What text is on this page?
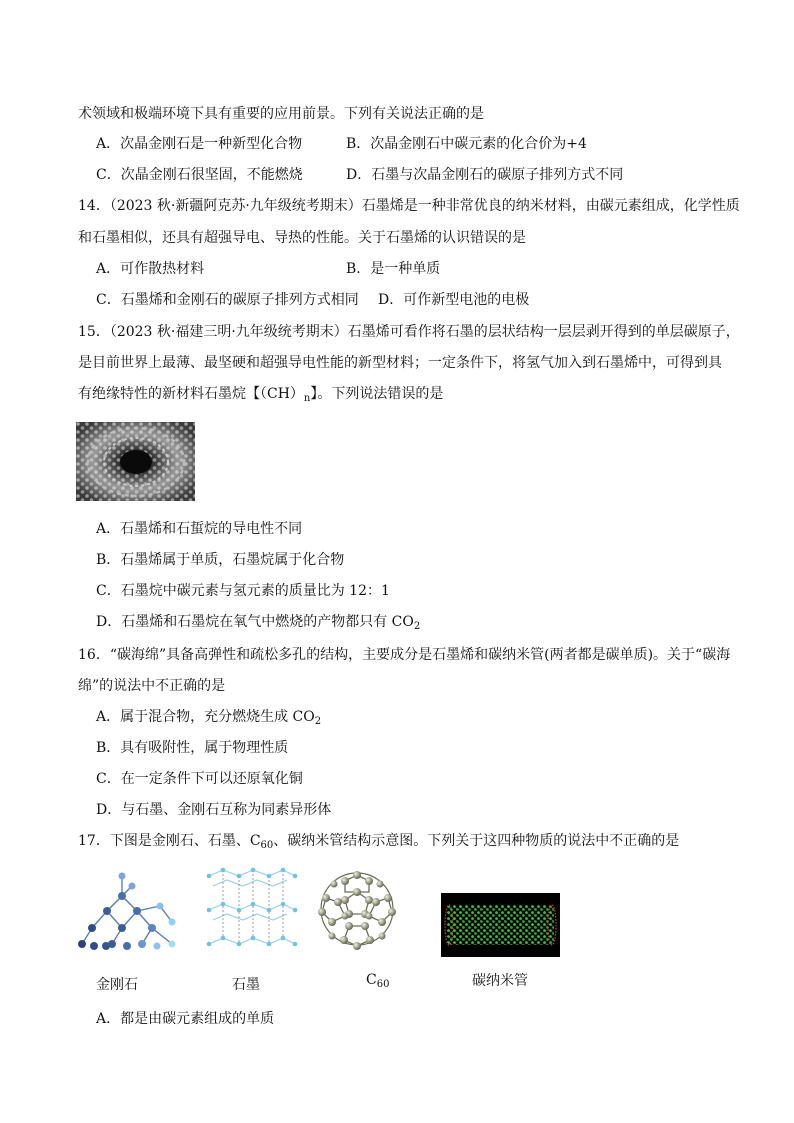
术领域和极端环境下具有重要的应用前景。下列有关说法正确的是
A．次晶金刚石是一种新型化合物	B．次晶金刚石中碳元素的化合价为+4
C．次晶金刚石很坚固，不能燃烧	D．石墨与次晶金刚石的碳原子排列方式不同
14．（2023 秋·新疆阿克苏·九年级统考期末）石墨烯是一种非常优良的纳米材料，由碳元素组成，化学性质
和石墨相似，还具有超强导电、导热的性能。关于石墨烯的认识错误的是
A．可作散热材料	B．是一种单质
C．石墨烯和金刚石的碳原子排列方式相同 D．可作新型电池的电极
15．（2023 秋·福建三明·九年级统考期末）石墨烯可看作将石墨的层状结构一层层剥开得到的单层碳原子，
是目前世界上最薄、最坚硬和超强导电性能的新型材料；一定条件下，将氢气加入到石墨烯中，可得到具
有绝缘特性的新材料石墨烷【$(CH)_n$】。下列说法错误的是
A．石墨烯和石蜇烷的导电性不同
B．石墨烯属于单质，石墨烷属于化合物
C．石墨烷中碳元素与氢元素的质量比为 12：1
D．石墨烯和石墨烷在氧气中燃烧的产物都只有 $CO_2$
16．“碳海绵”具备高弹性和疏松多孔的结构，主要成分是石墨烯和碳纳米管(两者都是碳单质)。关于“碳海
绵”的说法中不正确的是
A．属于混合物，充分燃烧生成 $CO_2$
B．具有吸附性，属于物理性质
C．在一定条件下可以还原氧化铜
D．与石墨、金刚石互称为同素异形体
17．下图是金刚石、石墨、$C_{60}$、碳纳米管结构示意图。下列关于这四种物质的说法中不正确的是
金刚石	石墨	$C_{60}$	碳纳米管
A．都是由碳元素组成的单质
